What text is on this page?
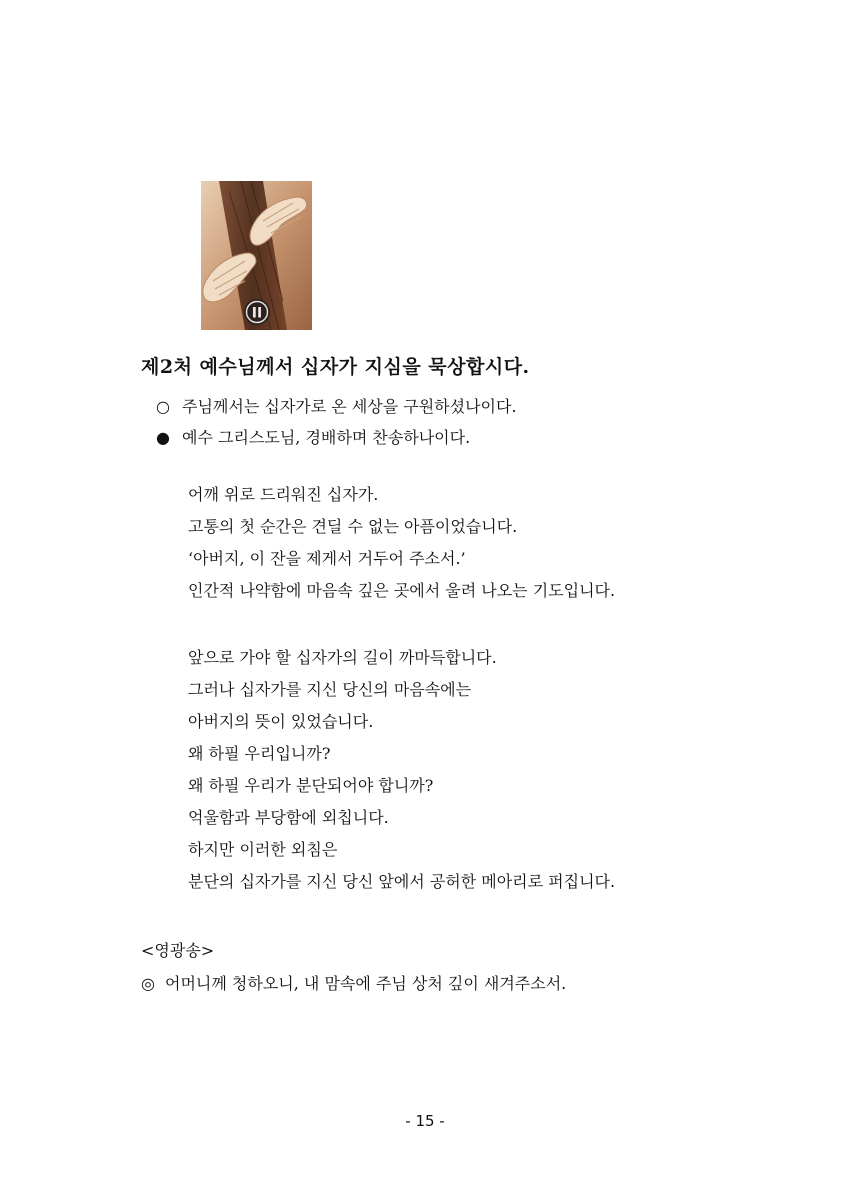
II
제2처 예수님께서 십자가 지심을 묵상합시다.
○ 주님께서는 십자가로 온 세상을 구원하셨나이다.
● 예수 그리스도님, 경배하며 찬송하나이다.
어깨 위로 드리워진 십자가.
고통의 첫 순간은 견딜 수 없는 아픔이었습니다.
‘아버지, 이 잔을 제게서 거두어 주소서.’
인간적 나약함에 마음속 깊은 곳에서 울려 나오는 기도입니다.
앞으로 가야 할 십자가의 길이 까마득합니다.
그러나 십자가를 지신 당신의 마음속에는
아버지의 뜻이 있었습니다.
왜 하필 우리입니까?
왜 하필 우리가 분단되어야 합니까?
억울함과 부당함에 외칩니다.
하지만 이러한 외침은
분단의 십자가를 지신 당신 앞에서 공허한 메아리로 퍼집니다.
<영광송>
◎ 어머니께 청하오니, 내 맘속에 주님 상처 깊이 새겨주소서.
- 15 -
